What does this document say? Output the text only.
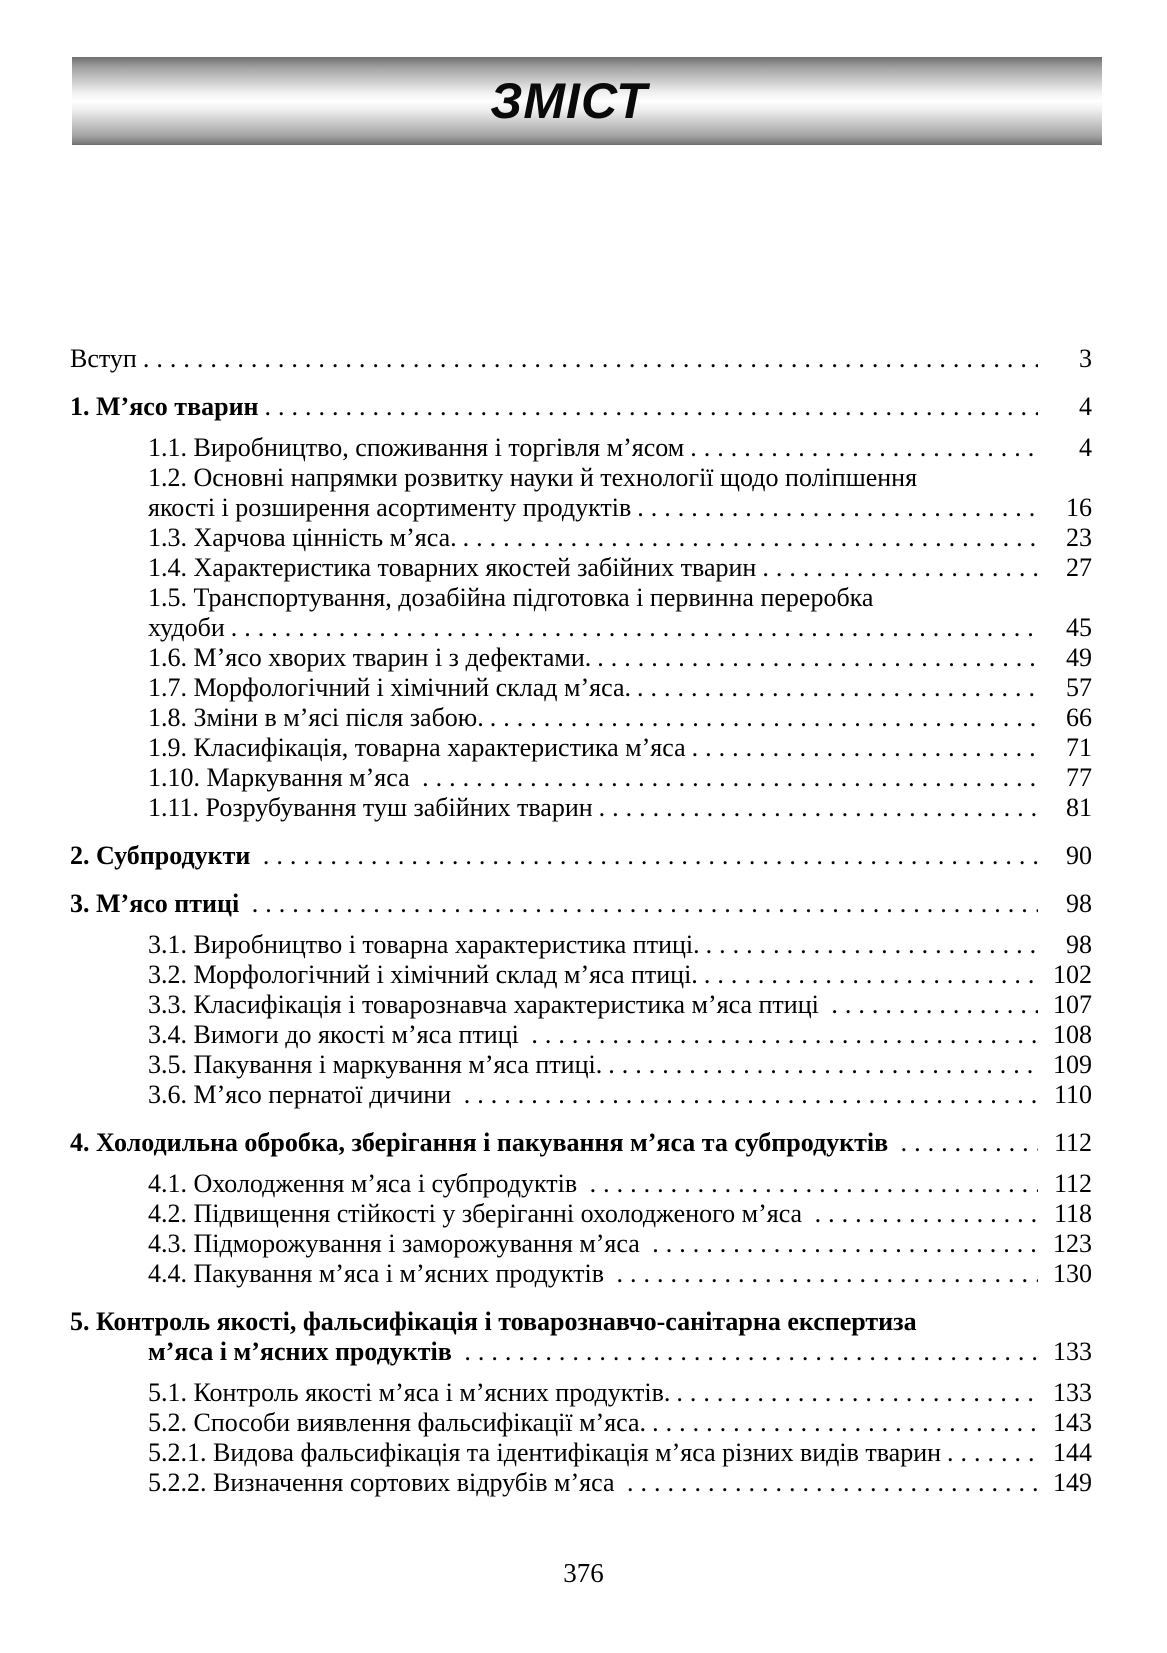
ЗМІСТ
Вступ .....	3
1. М’ясо тварин .....	4
1.1. Виробництво, споживання і торгівля м’ясом .....	4
1.2. Основні напрямки розвитку науки й технології щодо поліпшення
якості і розширення асортименту продуктів .....	16
1.3. Харчова цінність м’яса. .....	23
1.4. Характеристика товарних якостей забійних тварин .....	27
1.5. Транспортування, дозабійна підготовка і первинна переробка
худоби .....	45
1.6. М’ясо хворих тварин і з дефектами. .....	49
1.7. Морфологічний і хімічний склад м’яса. .....	57
1.8. Зміни в м’ясі після забою. .....	66
1.9. Класифікація, товарна характеристика м’яса .....	71
1.10. Маркування м’яса .....	77
1.11. Розрубування туш забійних тварин .....	81
2. Субпродукти .....	90
3. М’ясо птиці .....	98
3.1. Виробництво і товарна характеристика птиці. .....	98
3.2. Морфологічний і хімічний склад м’яса птиці. .....	102
3.3. Класифікація і товарознавча характеристика м’яса птиці .....	107
3.4. Вимоги до якості м’яса птиці .....	108
3.5. Пакування і маркування м’яса птиці. .....	109
3.6. М’ясо пернатої дичини .....	110
4. Холодильна обробка, зберігання і пакування м’яса та субпродуктів .....	112
4.1. Охолодження м’яса і субпродуктів .....	112
4.2. Підвищення стійкості у зберіганні охолодженого м’яса .....	118
4.3. Підморожування і заморожування м’яса .....	123
4.4. Пакування м’яса і м’ясних продуктів .....	130
5. Контроль якості, фальсифікація і товарознавчо-санітарна експертиза
м’яса і м’ясних продуктів .....	133
5.1. Контроль якості м’яса і м’ясних продуктів. .....	133
5.2. Способи виявлення фальсифікації м’яса. .....	143
5.2.1. Видова фальсифікація та ідентифікація м’яса різних видів тварин .....	144
5.2.2. Визначення сортових відрубів м’яса .....	149
376
